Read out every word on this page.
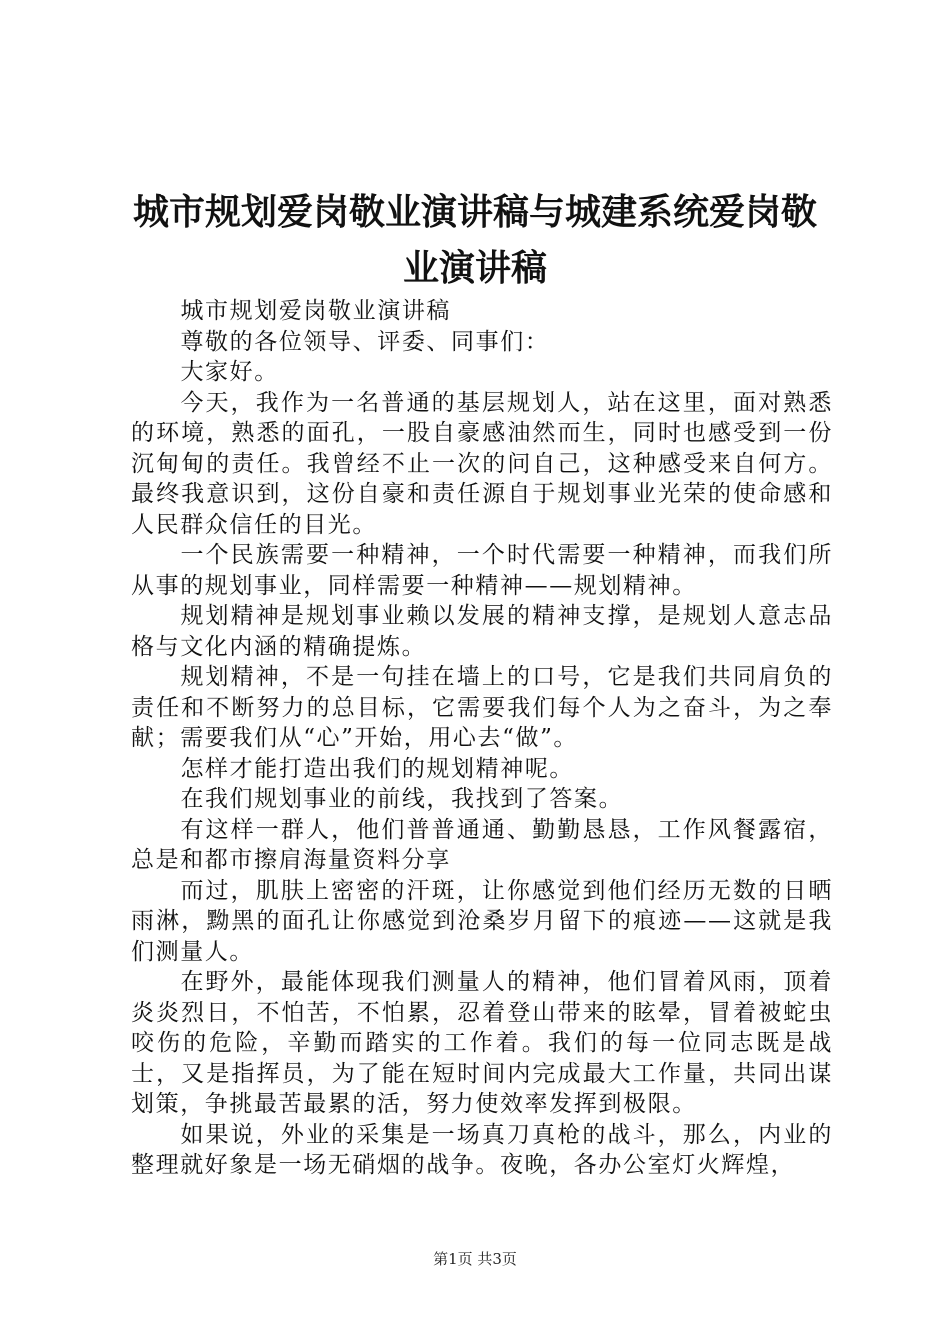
城市规划爱岗敬业演讲稿与城建系统爱岗敬业演讲稿

城市规划爱岗敬业演讲稿

尊敬的各位领导、评委、同事们：

大家好。

今天，我作为一名普通的基层规划人，站在这里，面对熟悉的环境，熟悉的面孔，一股自豪感油然而生，同时也感受到一份沉甸甸的责任。我曾经不止一次的问自己，这种感受来自何方。最终我意识到，这份自豪和责任源自于规划事业光荣的使命感和人民群众信任的目光。

一个民族需要一种精神，一个时代需要一种精神，而我们所从事的规划事业，同样需要一种精神——规划精神。

规划精神是规划事业赖以发展的精神支撑，是规划人意志品格与文化内涵的精确提炼。

规划精神，不是一句挂在墙上的口号，它是我们共同肩负的责任和不断努力的总目标，它需要我们每个人为之奋斗，为之奉献；需要我们从“心”开始，用心去“做”。

怎样才能打造出我们的规划精神呢。

在我们规划事业的前线，我找到了答案。

有这样一群人，他们普普通通、勤勤恳恳，工作风餐露宿，总是和都市擦肩海量资料分享

而过，肌肤上密密的汗斑，让你感觉到他们经历无数的日晒雨淋，黝黑的面孔让你感觉到沧桑岁月留下的痕迹——这就是我们测量人。

在野外，最能体现我们测量人的精神，他们冒着风雨，顶着炎炎烈日，不怕苦，不怕累，忍着登山带来的眩晕，冒着被蛇虫咬伤的危险，辛勤而踏实的工作着。我们的每一位同志既是战士，又是指挥员，为了能在短时间内完成最大工作量，共同出谋划策，争挑最苦最累的活，努力使效率发挥到极限。

如果说，外业的采集是一场真刀真枪的战斗，那么，内业的整理就好象是一场无硝烟的战争。夜晚，各办公室灯火辉煌，

第1页 共3页
